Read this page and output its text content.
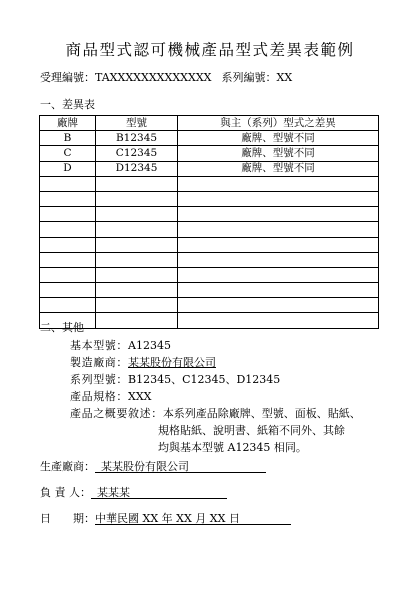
商品型式認可機械產品型式差異表範例
受理編號：TAXXXXXXXXXXXXX 系列編號：XX
一、差異表
廠牌	型號	與主（系列）型式之差異
B	B12345	廠牌、型號不同
C	C12345	廠牌、型號不同
D	D12345	廠牌、型號不同

二、其他
基本型號：A12345
製造廠商：某某股份有限公司
系列型號：B12345、C12345、D12345
產品規格：XXX
產品之概要敘述：本系列產品除廠牌、型號、面板、貼紙、
規格貼紙、說明書、紙箱不同外、其餘
均與基本型號 A12345 相同。
生產廠商： 某某股份有限公司
負 責 人： 某某某
日　　期：中華民國 XX 年 XX 月 XX 日
